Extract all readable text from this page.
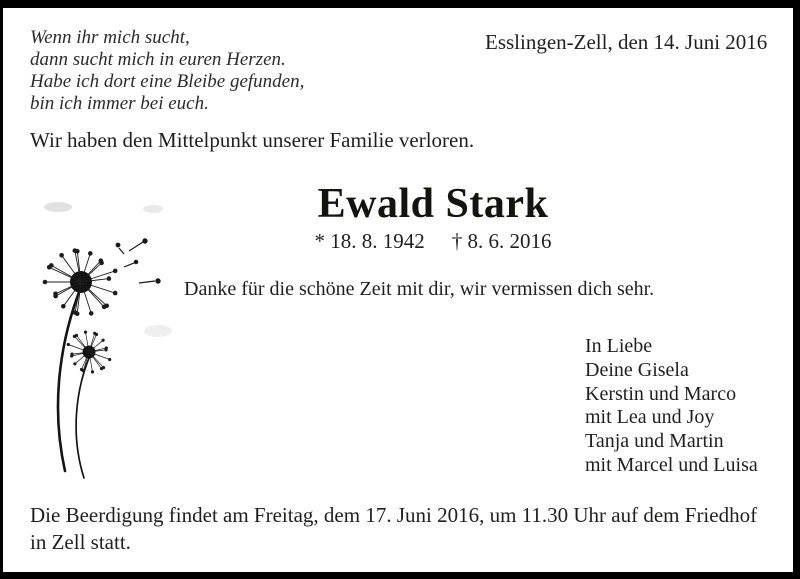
Wenn ihr mich sucht,
dann sucht mich in euren Herzen.
Habe ich dort eine Bleibe gefunden,
bin ich immer bei euch.
Esslingen-Zell, den 14. Juni 2016
Wir haben den Mittelpunkt unserer Familie verloren.
Ewald Stark
* 18. 8. 1942 † 8. 6. 2016
Danke für die schöne Zeit mit dir, wir vermissen dich sehr.
In Liebe
Deine Gisela
Kerstin und Marco
mit Lea und Joy
Tanja und Martin
mit Marcel und Luisa
Die Beerdigung findet am Freitag, dem 17. Juni 2016, um 11.30 Uhr auf dem Friedhof
in Zell statt.
